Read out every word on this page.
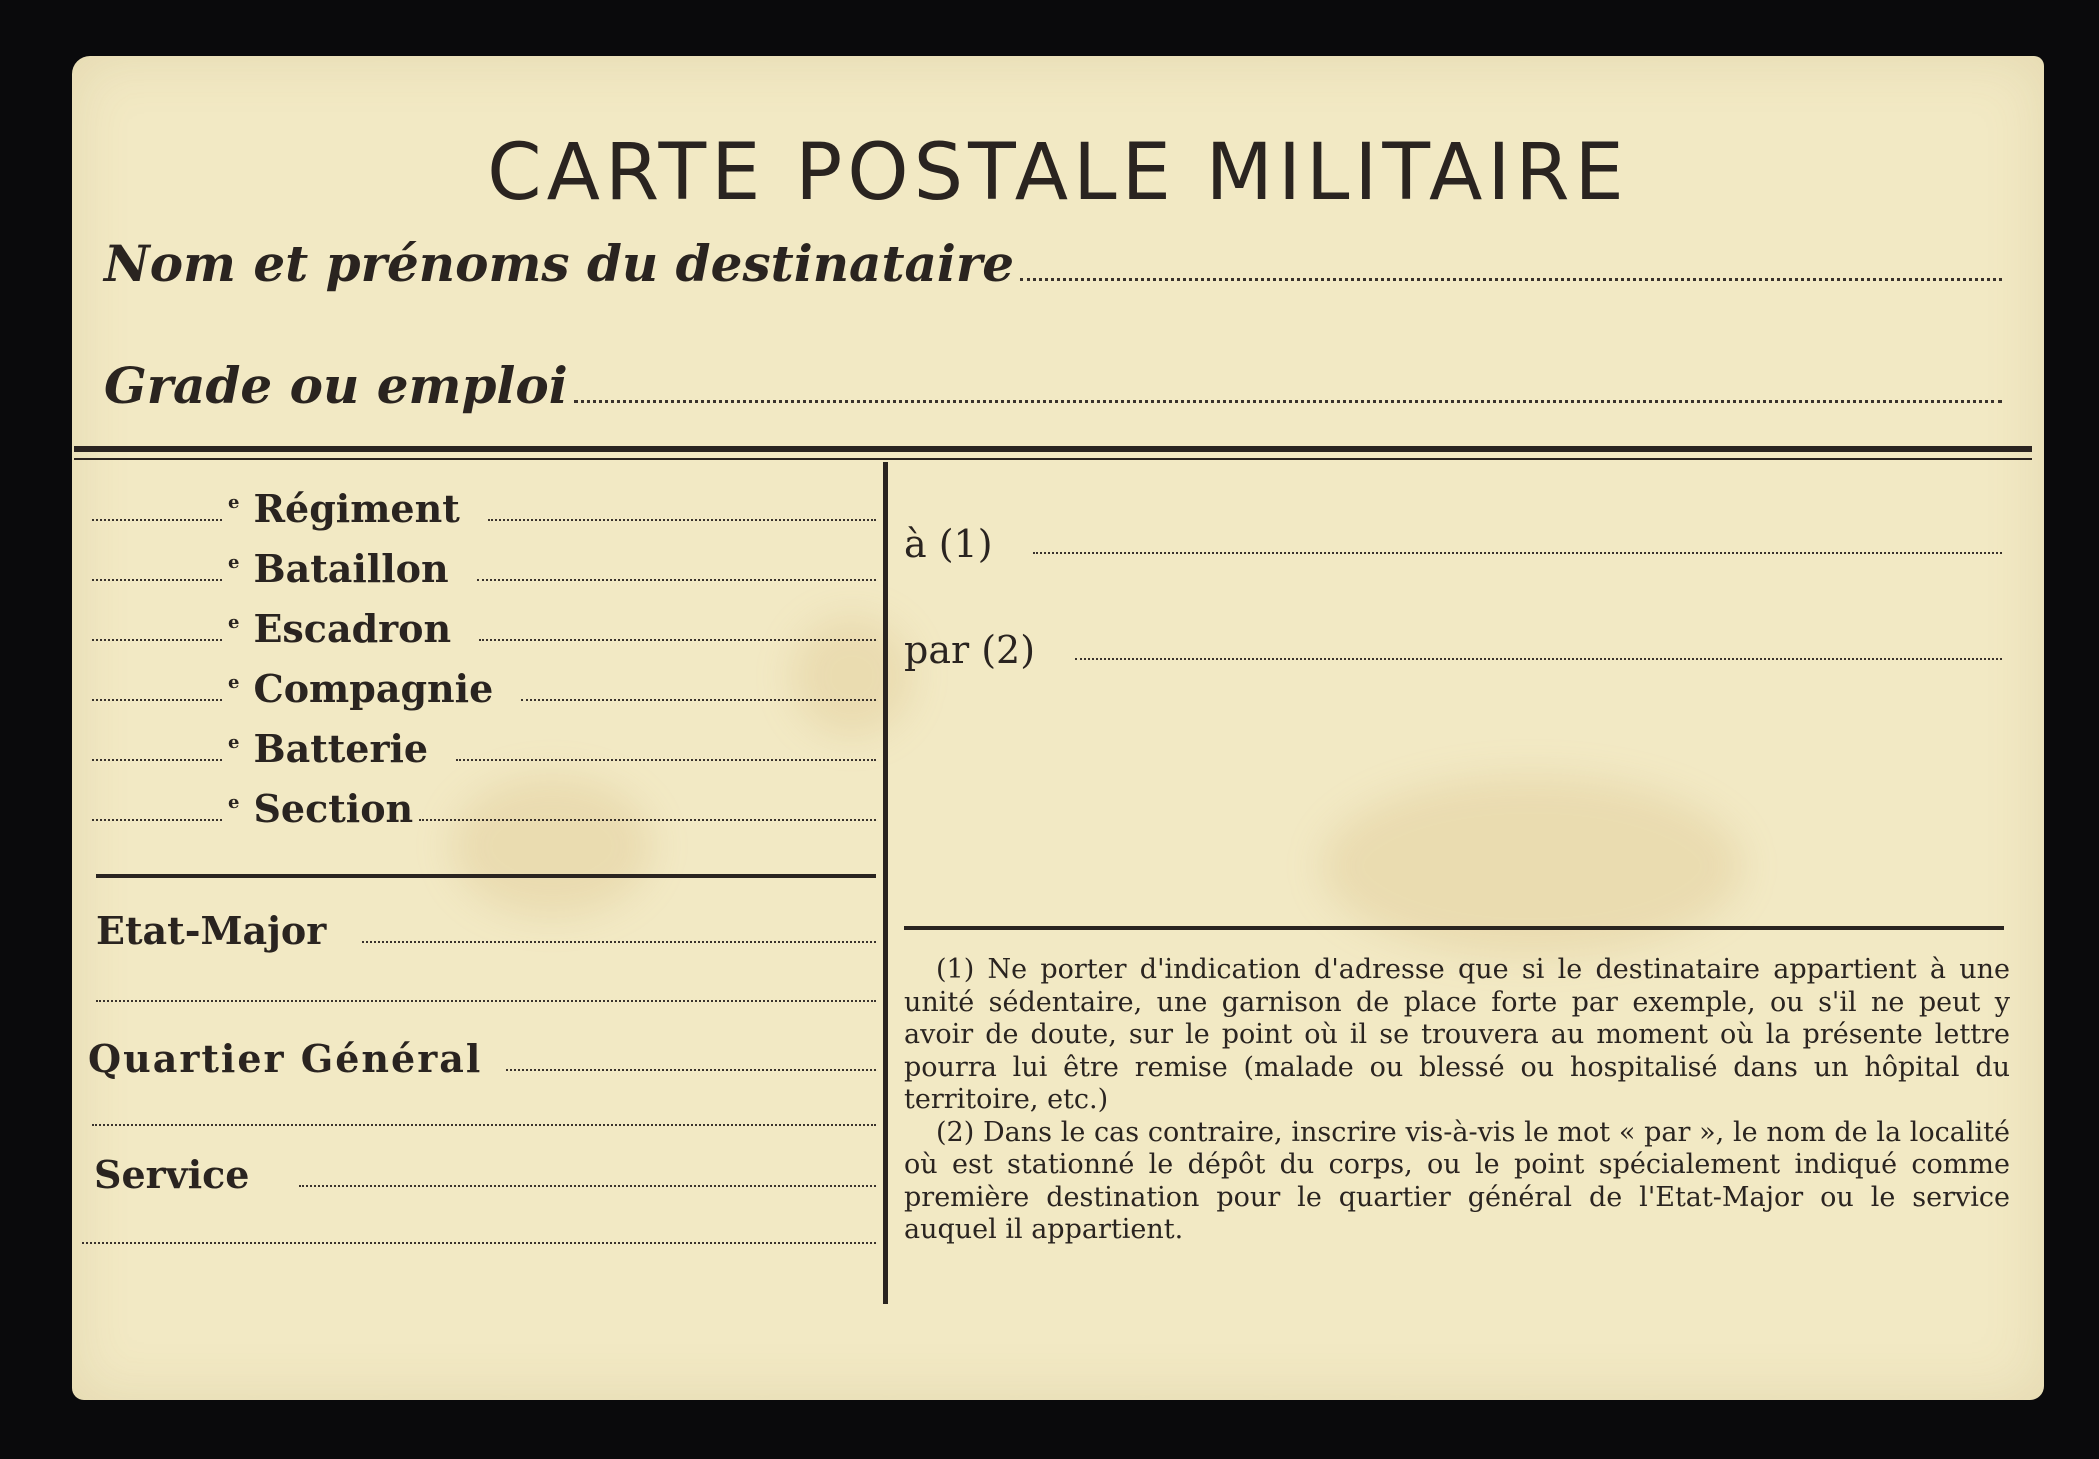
CARTE POSTALE MILITAIRE
Nom et prénoms du destinataire
Grade ou emploi
e Régiment
e Bataillon
e Escadron
e Compagnie
e Batterie
e Section
Etat-Major
Quartier Général
Service
à (1)
par (2)

(1) Ne porter d'indication d'adresse que si le destinataire appartient à une unité sédentaire, une garnison de place forte par exemple, ou s'il ne peut y avoir de doute, sur le point où il se trouvera au moment où la présente lettre pourra lui être remise (malade ou blessé ou hospitalisé dans un hôpital du territoire, etc.)

(2) Dans le cas contraire, inscrire vis-à-vis le mot « par », le nom de la localité où est stationné le dépôt du corps, ou le point spécialement indiqué comme première destination pour le quartier général de l'Etat-Major ou le service auquel il appartient.
